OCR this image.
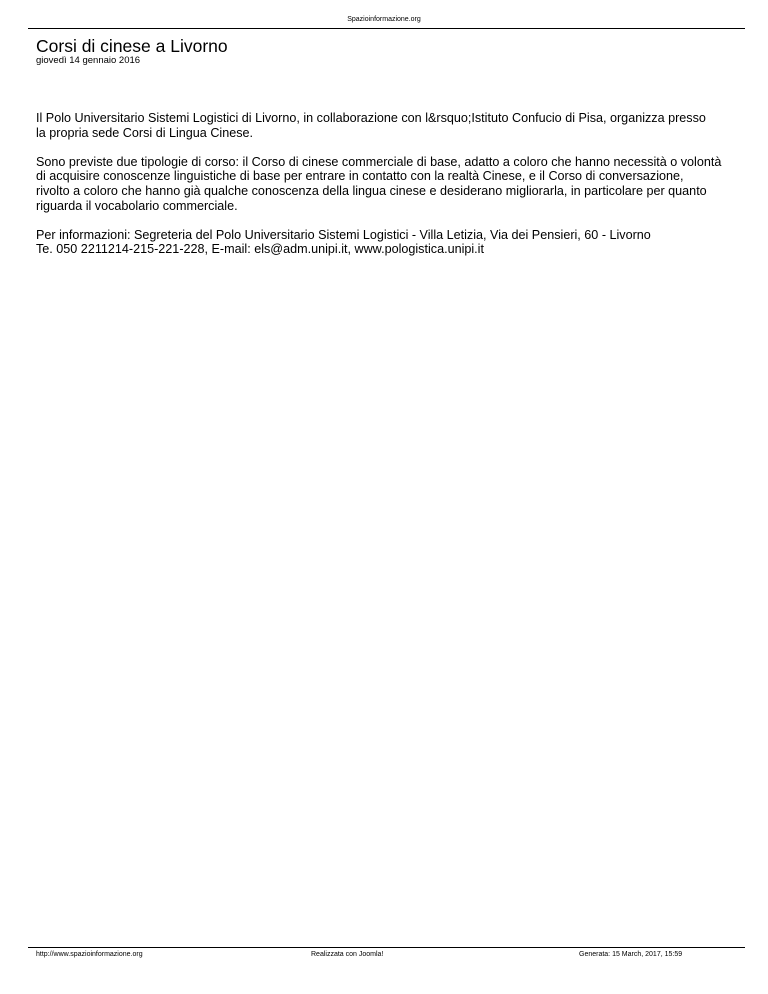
Spazioinformazione.org
Corsi di cinese a Livorno
giovedì 14 gennaio 2016

Il Polo Universitario Sistemi Logistici di Livorno, in collaborazione con l&rsquo;Istituto Confucio di Pisa, organizza presso
la propria sede Corsi di Lingua Cinese.

Sono previste due tipologie di corso: il Corso di cinese commerciale di base, adatto a coloro che hanno necessità o volontà
di acquisire conoscenze linguistiche di base per entrare in contatto con la realtà Cinese, e il Corso di conversazione,
rivolto a coloro che hanno già qualche conoscenza della lingua cinese e desiderano migliorarla, in particolare per quanto
riguarda il vocabolario commerciale.

Per informazioni: Segreteria del Polo Universitario Sistemi Logistici - Villa Letizia, Via dei Pensieri, 60 - Livorno
Te. 050 2211214-215-221-228, E-mail: els@adm.unipi.it, www.pologistica.unipi.it

http://www.spazioinformazione.org	Realizzata con Joomla!	Generata: 15 March, 2017, 15:59
